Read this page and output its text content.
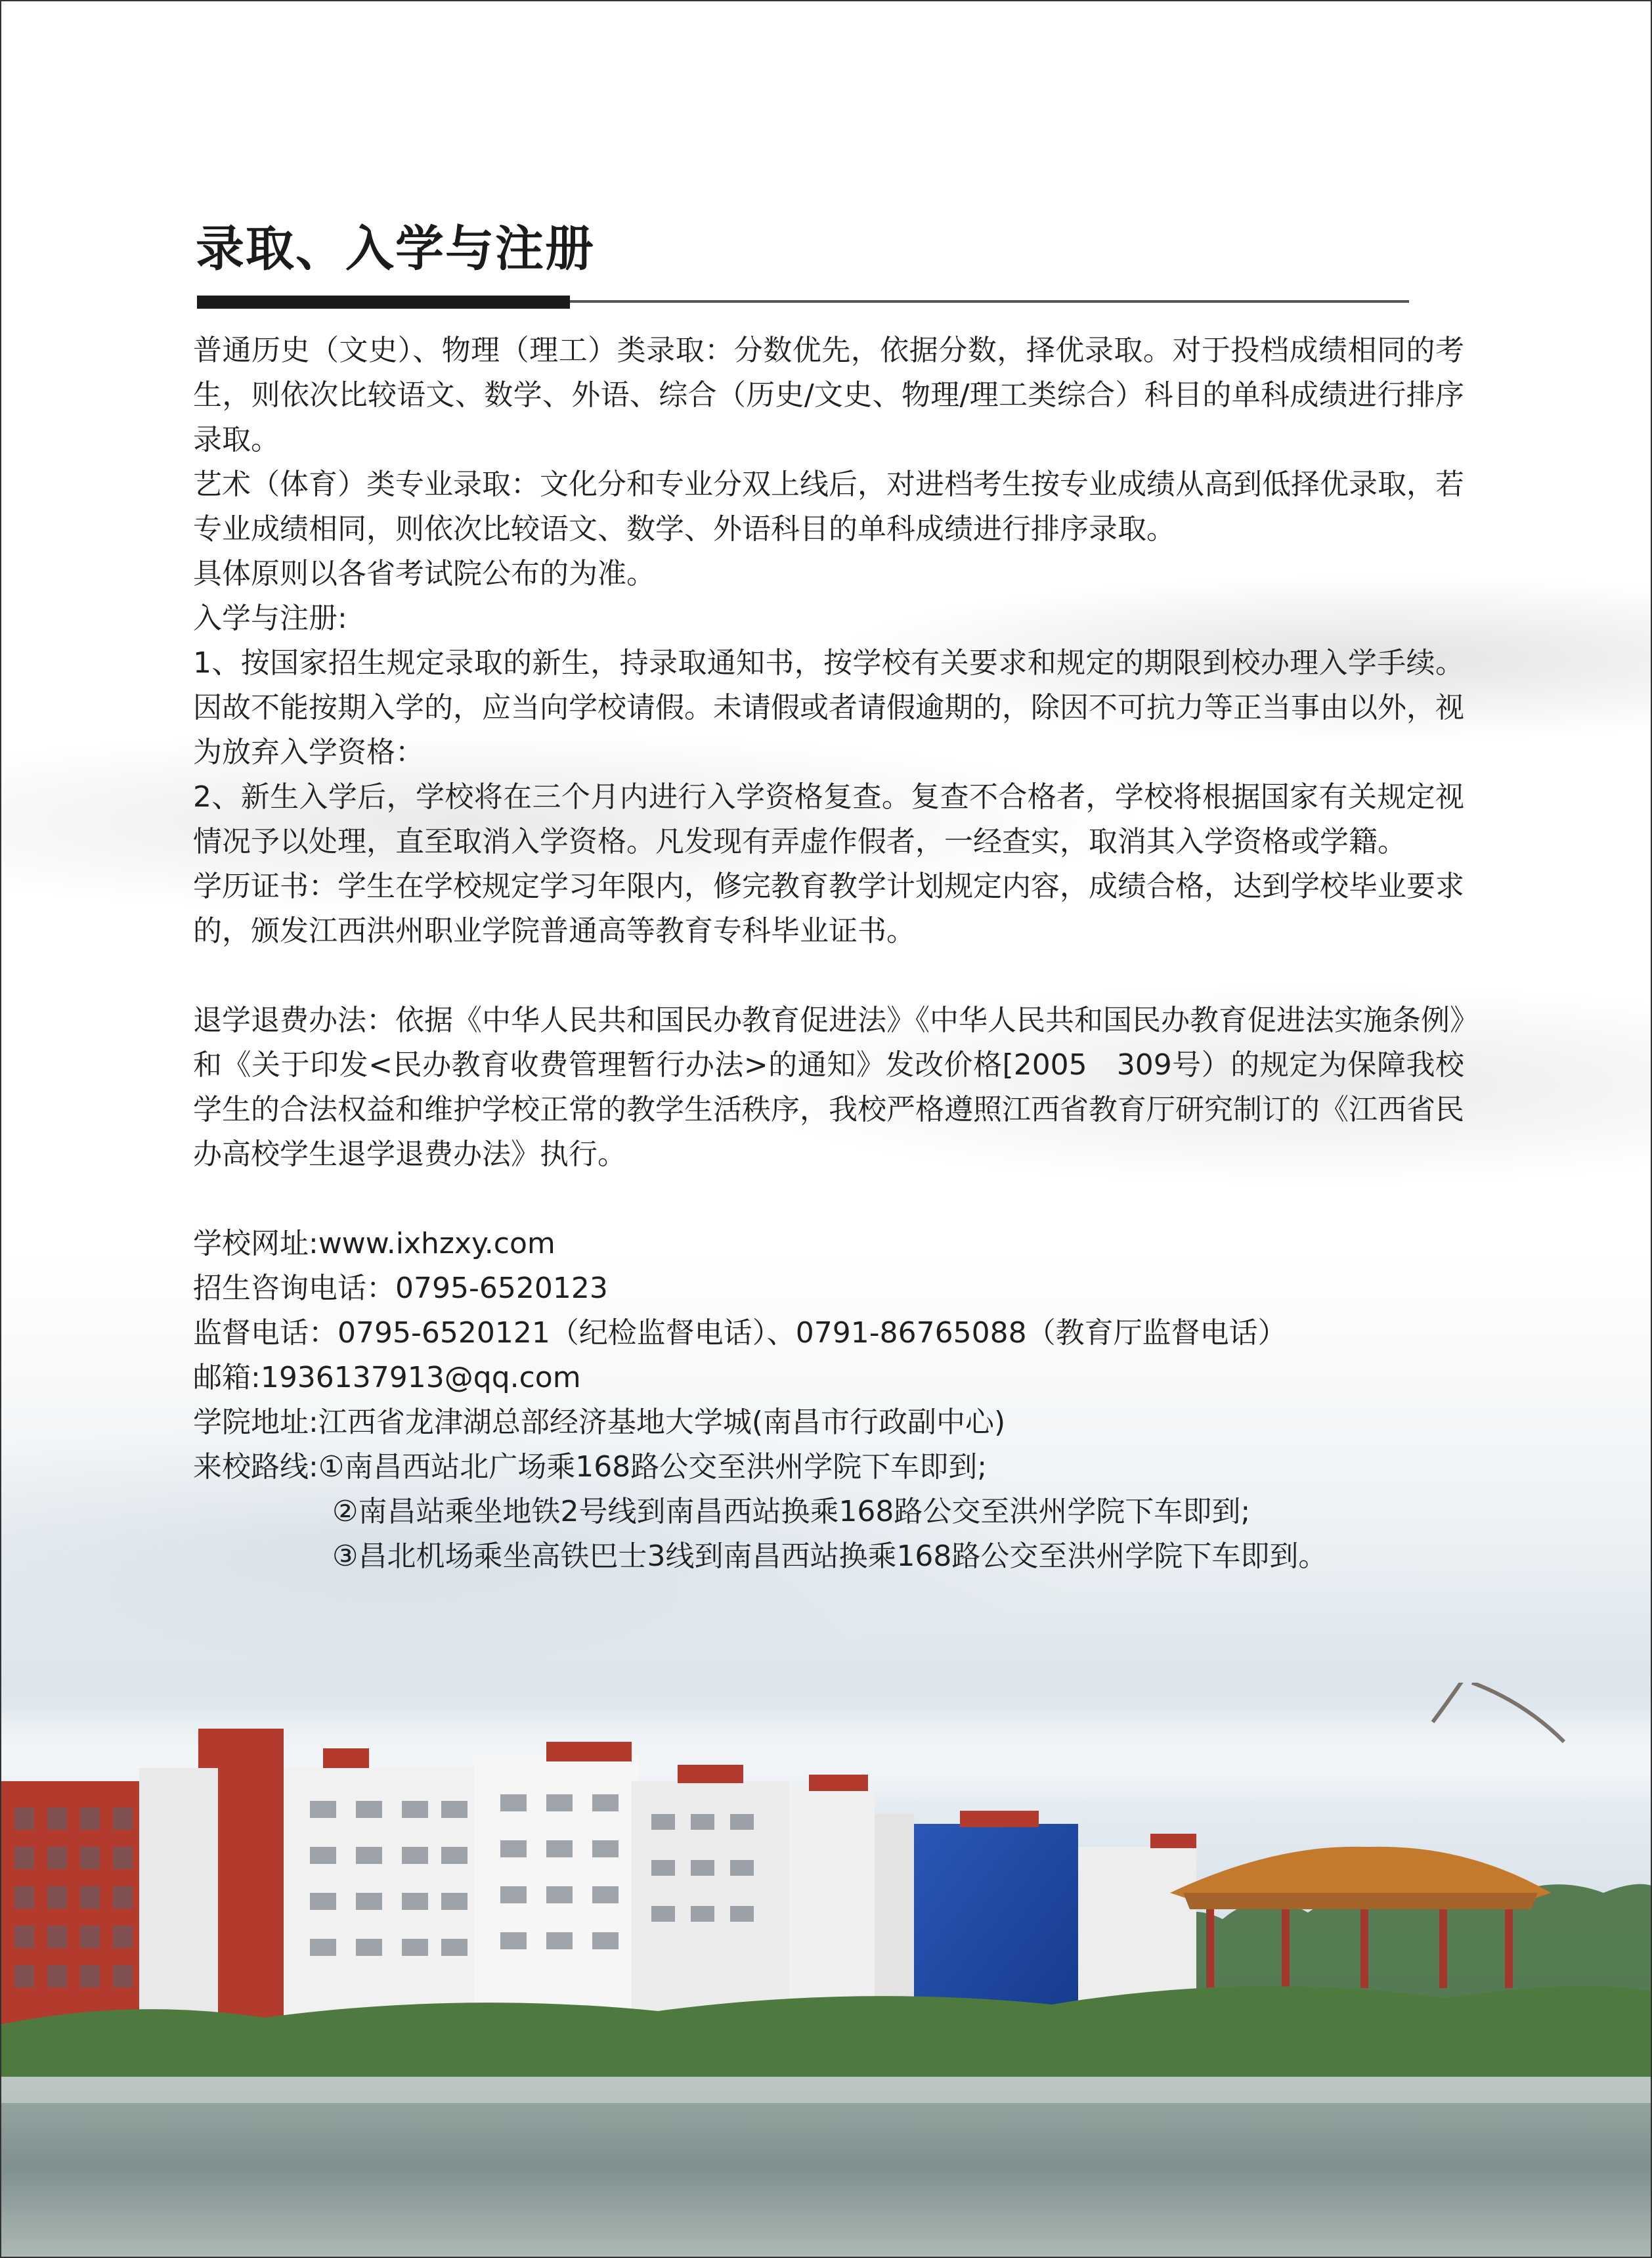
录取、入学与注册

普通历史（文史）、物理（理工）类录取：分数优先，依据分数，择优录取。对于投档成绩相同的考生，则依次比较语文、数学、外语、综合（历史/文史、物理/理工类综合）科目的单科成绩进行排序录取。

艺术（体育）类专业录取：文化分和专业分双上线后，对进档考生按专业成绩从高到低择优录取，若专业成绩相同，则依次比较语文、数学、外语科目的单科成绩进行排序录取。

具体原则以各省考试院公布的为准。

入学与注册:

1、按国家招生规定录取的新生，持录取通知书，按学校有关要求和规定的期限到校办理入学手续。因故不能按期入学的，应当向学校请假。未请假或者请假逾期的，除因不可抗力等正当事由以外，视为放弃入学资格：

2、新生入学后，学校将在三个月内进行入学资格复查。复查不合格者，学校将根据国家有关规定视情况予以处理，直至取消入学资格。凡发现有弄虚作假者，一经查实，取消其入学资格或学籍。

学历证书：学生在学校规定学习年限内，修完教育教学计划规定内容，成绩合格，达到学校毕业要求的，颁发江西洪州职业学院普通高等教育专科毕业证书。

退学退费办法：依据《中华人民共和国民办教育促进法》《中华人民共和国民办教育促进法实施条例》和《关于印发<民办教育收费管理暂行办法>的通知》发改价格[2005　309号）的规定为保障我校学生的合法权益和维护学校正常的教学生活秩序，我校严格遵照江西省教育厅研究制订的《江西省民办高校学生退学退费办法》执行。

学校网址:www.ixhzxy.com

招生咨询电话：0795-6520123

监督电话：0795-6520121（纪检监督电话）、0791-86765088（教育厅监督电话）

邮箱:1936137913@qq.com

学院地址:江西省龙津湖总部经济基地大学城(南昌市行政副中心)

来校路线:①南昌西站北广场乘168路公交至洪州学院下车即到;

②南昌站乘坐地铁2号线到南昌西站换乘168路公交至洪州学院下车即到;

③昌北机场乘坐高铁巴士3线到南昌西站换乘168路公交至洪州学院下车即到。
